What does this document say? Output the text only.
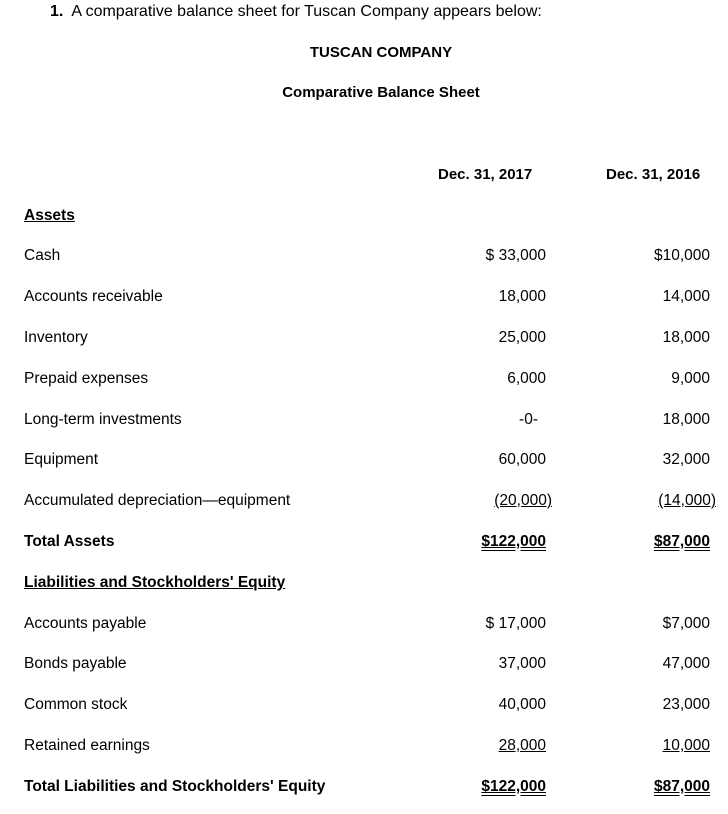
1. A comparative balance sheet for Tuscan Company appears below:
TUSCAN COMPANY
Comparative Balance Sheet
Dec. 31, 2017	Dec. 31, 2016
Assets
Cash	$ 33,000	$10,000
Accounts receivable	18,000	14,000
Inventory	25,000	18,000
Prepaid expenses	6,000	9,000
Long-term investments	-0-	18,000
Equipment	60,000	32,000
Accumulated depreciation—equipment	(20,000)	(14,000)
Total Assets	$122,000	$87,000
Liabilities and Stockholders' Equity
Accounts payable	$ 17,000	$7,000
Bonds payable	37,000	47,000
Common stock	40,000	23,000
Retained earnings	28,000	10,000
Total Liabilities and Stockholders' Equity	$122,000	$87,000
